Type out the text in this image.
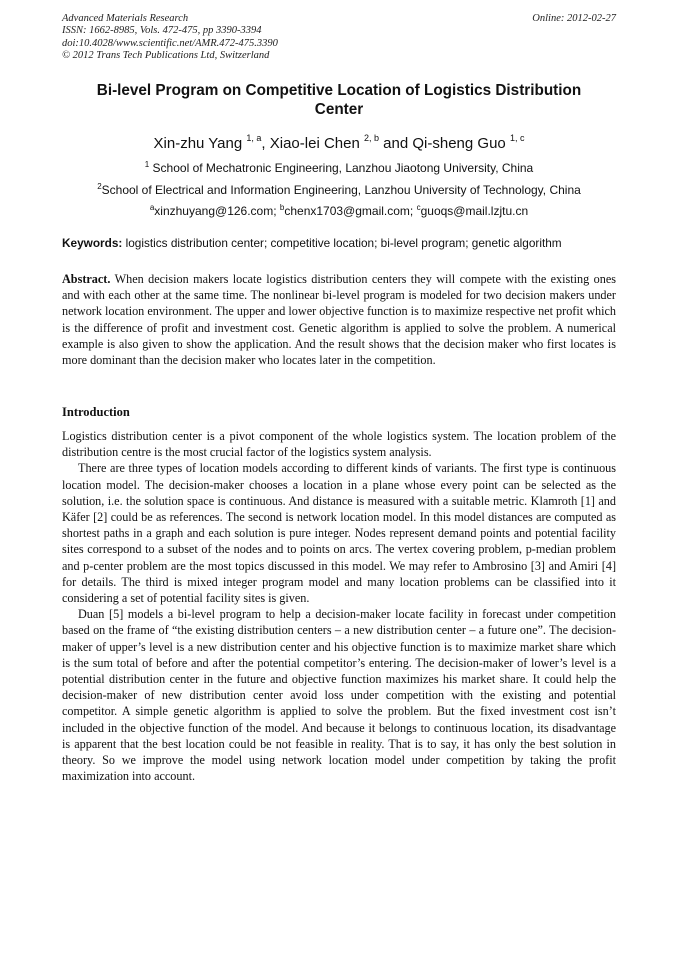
Advanced Materials Research
ISSN: 1662-8985, Vols. 472-475, pp 3390-3394
doi:10.4028/www.scientific.net/AMR.472-475.3390
© 2012 Trans Tech Publications Ltd, Switzerland
Online: 2012-02-27
Bi-level Program on Competitive Location of Logistics Distribution Center
Xin-zhu Yang $^{1, a}$, Xiao-lei Chen $^{2, b}$ and Qi-sheng Guo $^{1, c}$
$^1$ School of Mechatronic Engineering, Lanzhou Jiaotong University, China
$^2$School of Electrical and Information Engineering, Lanzhou University of Technology, China
$^a$xinzhuyang@126.com; $^b$chenx1703@gmail.com; $^c$guoqs@mail.lzjtu.cn
Keywords: logistics distribution center; competitive location; bi-level program; genetic algorithm
Abstract. When decision makers locate logistics distribution centers they will compete with the existing ones and with each other at the same time. The nonlinear bi-level program is modeled for two decision makers under network location environment. The upper and lower objective function is to maximize respective net profit which is the difference of profit and investment cost. Genetic algorithm is applied to solve the problem. A numerical example is also given to show the application. And the result shows that the decision maker who first locates is more dominant than the decision maker who locates later in the competition.
Introduction

Logistics distribution center is a pivot component of the whole logistics system. The location problem of the distribution centre is the most crucial factor of the logistics system analysis.

There are three types of location models according to different kinds of variants. The first type is continuous location model. The decision-maker chooses a location in a plane whose every point can be selected as the solution, i.e. the solution space is continuous. And distance is measured with a suitable metric. Klamroth [1] and Käfer [2] could be as references. The second is network location model. In this model distances are computed as shortest paths in a graph and each solution is pure integer. Nodes represent demand points and potential facility sites correspond to a subset of the nodes and to points on arcs. The vertex covering problem, p-median problem and p-center problem are the most topics discussed in this model. We may refer to Ambrosino [3] and Amiri [4] for details. The third is mixed integer program model and many location problems can be classified into it considering a set of potential facility sites is given.

Duan [5] models a bi-level program to help a decision-maker locate facility in forecast under competition based on the frame of “the existing distribution centers – a new distribution center – a future one”. The decision-maker of upper’s level is a new distribution center and his objective function is to maximize market share which is the sum total of before and after the potential competitor’s entering. The decision-maker of lower’s level is a potential distribution center in the future and objective function maximizes his market share. It could help the decision-maker of new distribution center avoid loss under competition with the existing and potential competitor. A simple genetic algorithm is applied to solve the problem. But the fixed investment cost isn’t included in the objective function of the model. And because it belongs to continuous location, its disadvantage is apparent that the best location could be not feasible in reality. That is to say, it has only the best solution in theory. So we improve the model using network location model under competition by taking the profit maximization into account.
